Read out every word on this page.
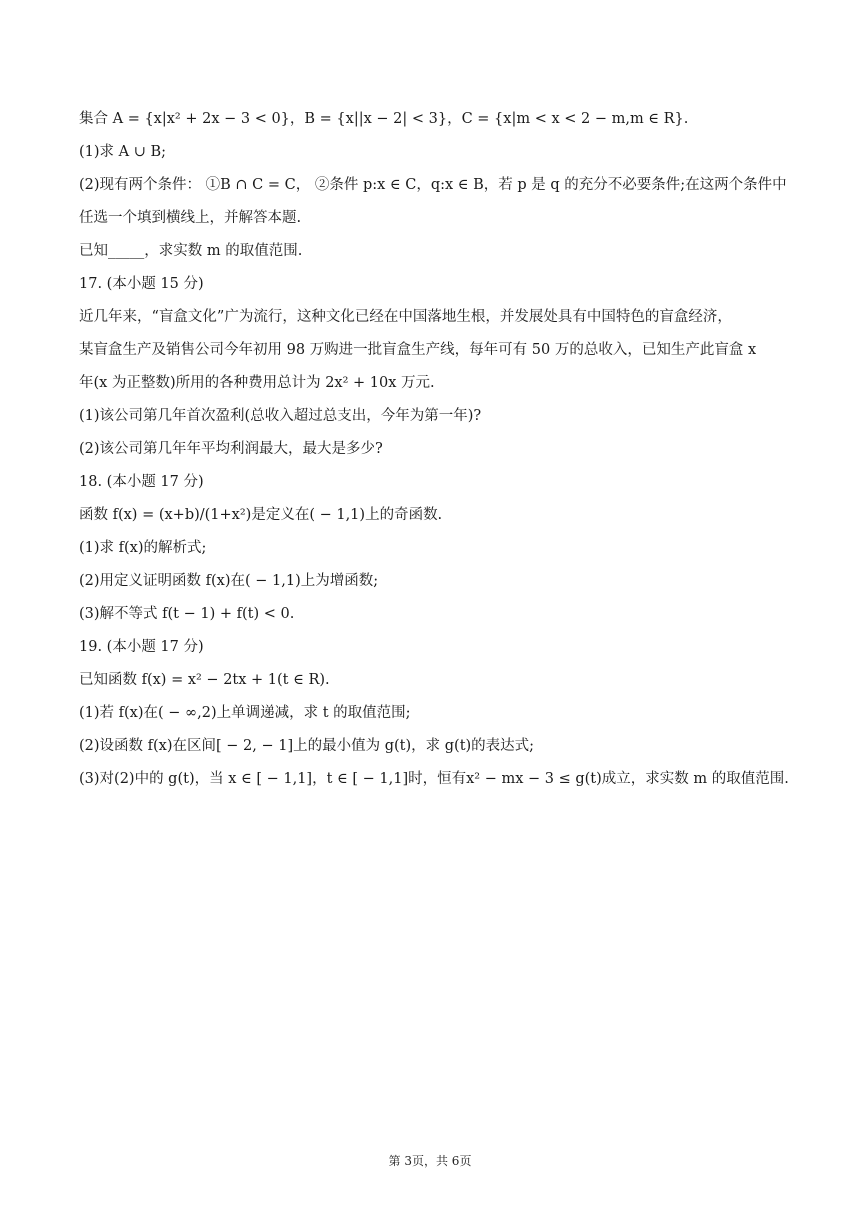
集合 A = {x|x² + 2x − 3 < 0}，B = {x||x − 2| < 3}，C = {x|m < x < 2 − m,m ∈ R}.
(1)求 A ∪ B;
(2)现有两个条件： ①B ∩ C = C， ②条件 p:x ∈ C，q:x ∈ B，若 p 是 q 的充分不必要条件;在这两个条件中
任选一个填到横线上，并解答本题.
已知_____，求实数 m 的取值范围.
17. (本小题 15 分)
近几年来，“盲盒文化”广为流行，这种文化已经在中国落地生根，并发展处具有中国特色的盲盒经济，
某盲盒生产及销售公司今年初用 98 万购进一批盲盒生产线，每年可有 50 万的总收入，已知生产此盲盒 x
年(x 为正整数)所用的各种费用总计为 2x² + 10x 万元.
(1)该公司第几年首次盈利(总收入超过总支出，今年为第一年)?
(2)该公司第几年年平均利润最大，最大是多少?
18. (本小题 17 分)
函数 f(x) = (x+b)/(1+x²)是定义在( − 1,1)上的奇函数.
(1)求 f(x)的解析式;
(2)用定义证明函数 f(x)在( − 1,1)上为增函数;
(3)解不等式 f(t − 1) + f(t) < 0.
19. (本小题 17 分)
已知函数 f(x) = x² − 2tx + 1(t ∈ R).
(1)若 f(x)在( − ∞,2)上单调递减，求 t 的取值范围;
(2)设函数 f(x)在区间[ − 2, − 1]上的最小值为 g(t)，求 g(t)的表达式;
(3)对(2)中的 g(t)，当 x ∈ [ − 1,1]，t ∈ [ − 1,1]时，恒有x² − mx − 3 ≤ g(t)成立，求实数 m 的取值范围.
第 3页，共 6页
